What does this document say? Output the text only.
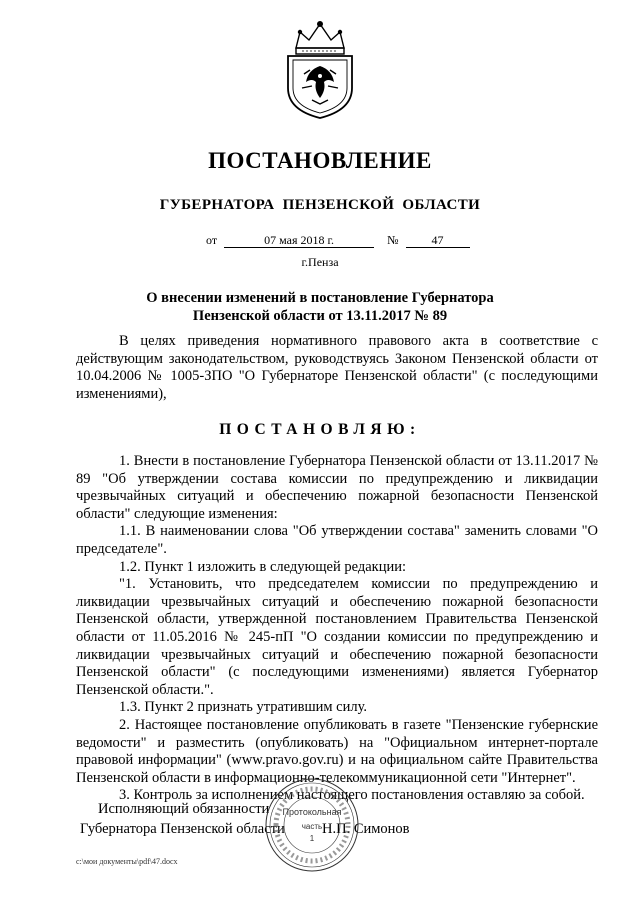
ПОСТАНОВЛЕНИЕ
ГУБЕРНАТОРА ПЕНЗЕНСКОЙ ОБЛАСТИ
от	07 мая 2018 г.	№	47
г.Пенза
О внесении изменений в постановление Губернатора
Пензенской области от 13.11.2017 № 89

В целях приведения нормативного правового акта в соответствие с действующим законодательством, руководствуясь Законом Пензенской области от 10.04.2006 № 1005-ЗПО "О Губернаторе Пензенской области" (с последующими изменениями),

ПОСТАНОВЛЯЮ:

1. Внести в постановление Губернатора Пензенской области от 13.11.2017 № 89 "Об утверждении состава комиссии по предупреждению и ликвидации чрезвычайных ситуаций и обеспечению пожарной безопасности Пензенской области" следующие изменения:

1.1. В наименовании слова "Об утверждении состава" заменить словами "О председателе".

1.2. Пункт 1 изложить в следующей редакции:

"1. Установить, что председателем комиссии по предупреждению и ликвидации чрезвычайных ситуаций и обеспечению пожарной безопасности Пензенской области, утвержденной постановлением Правительства Пензенской области от 11.05.2016 № 245-пП "О создании комиссии по предупреждению и ликвидации чрезвычайных ситуаций и обеспечению пожарной безопасности Пензенской области" (с последующими изменениями) является Губернатор Пензенской области.".

1.3. Пункт 2 признать утратившим силу.

2. Настоящее постановление опубликовать в газете "Пензенские губернские ведомости" и разместить (опубликовать) на "Официальном интернет-портале правовой информации" (www.pravo.gov.ru) и на официальном сайте Правительства Пензенской области в информационно-телекоммуникационной сети "Интернет".

3. Контроль за исполнением настоящего постановления оставляю за собой.

Исполняющий обязанности
Губернатора Пензенской области	Н.П. Симонов
Протокольная
часть
1
c:\мои документы\pdf\47.docx
